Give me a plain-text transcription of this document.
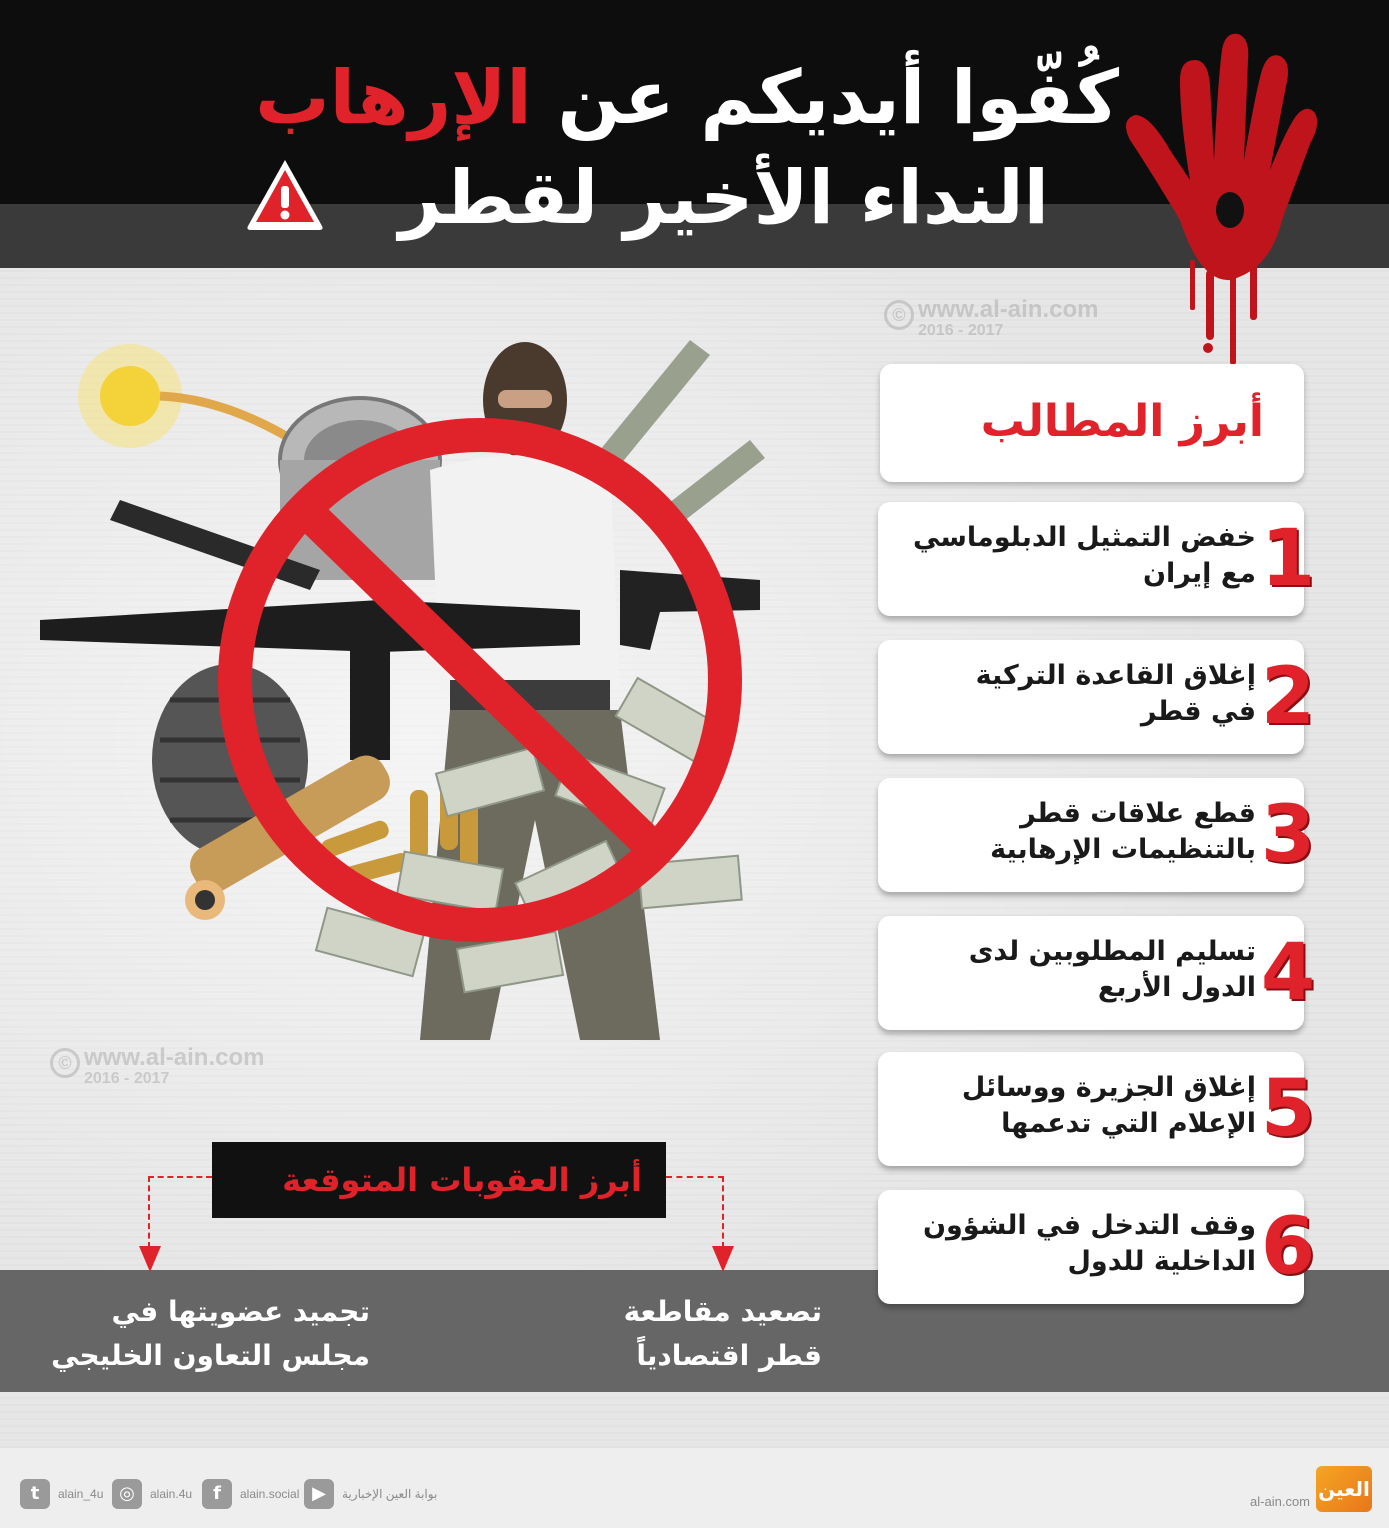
كُفّوا أيديكم عن الإرهاب
النداء الأخير لقطر
© www.al-ain.com
2016 - 2017
© www.al-ain.com
2016 - 2017
أبرز المطالب
1
خفض التمثيل الدبلوماسي
مع إيران
2
إغلاق القاعدة التركية
في قطر
3
قطع علاقات قطر
بالتنظيمات الإرهابية
4
تسليم المطلوبين لدى
الدول الأربع
5
إغلاق الجزيرة ووسائل
الإعلام التي تدعمها
6
وقف التدخل في الشؤون
الداخلية للدول
أبرز العقوبات المتوقعة
تجميد عضويتها في
مجلس التعاون الخليجي
تصعيد مقاطعة
قطر اقتصادياً
t	alain_4u ◎	alain.4u	f	alain.social ▶	بوابة العين الإخبارية	al-ain.com
العين
